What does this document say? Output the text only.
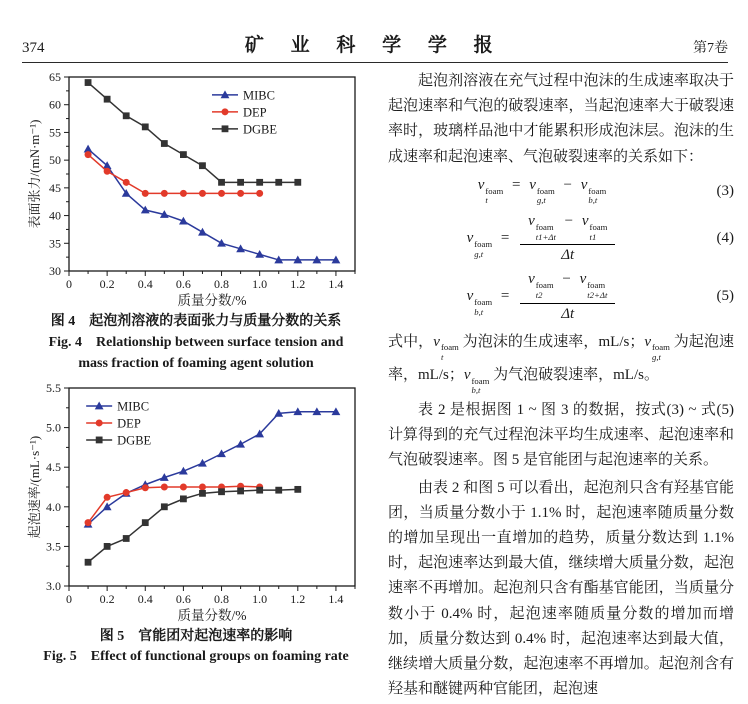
374	矿 业 科 学 学 报	第7卷
0 0.2 0.4 0.6 0.8 1.0 1.2 1.4
30
35
40
45
50
55
60
65
MIBC
DEP
DGBE
质量分数/%
表面张力/(mN·m⁻¹)
图 4　起泡剂溶液的表面张力与质量分数的关系
Fig. 4　Relationship between surface tension and
mass fraction of foaming agent solution
0 0.2 0.4 0.6 0.8 1.0 1.2 1.4
3.0
3.5
4.0
4.5
5.0
5.5
MIBC
DEP
DGBE
质量分数/%
起泡速率/(mL·s⁻¹)
图 5　官能团对起泡速率的影响
Fig. 5　Effect of functional groups on foaming rate

起泡剂溶液在充气过程中泡沫的生成速率取决于起泡速率和气泡的破裂速率，当起泡速率大于破裂速率时，玻璃样品池中才能累积形成泡沫层。泡沫的生成速率和起泡速率、气泡破裂速率的关系如下：

v foam
t
= v foam
g,t
− v foam
b,t
(3)
v foam
g,t
= v foam
t1+Δt
− v foam
t1
Δt	(4)
v foam
b,t
= v foam
t2
− v foam
t2+Δt
Δt	(5)

式中，v foam
t
为泡沫的生成速率，mL/s；v foam
g,t
为起泡速率，mL/s；v foam
b,t
为气泡破裂速率，mL/s。

表 2 是根据图 1 ~ 图 3 的数据，按式(3) ~ 式(5)计算得到的充气过程泡沫平均生成速率、起泡速率和气泡破裂速率。图 5 是官能团与起泡速率的关系。

由表 2 和图 5 可以看出，起泡剂只含有羟基官能团，当质量分数小于 1.1% 时，起泡速率随质量分数的增加呈现出一直增加的趋势，质量分数达到 1.1% 时，起泡速率达到最大值，继续增大质量分数，起泡速率不再增加。起泡剂只含有酯基官能团，当质量分数小于 0.4% 时，起泡速率随质量分数的增加而增加，质量分数达到 0.4% 时，起泡速率达到最大值，继续增大质量分数，起泡速率不再增加。起泡剂含有羟基和醚键两种官能团，起泡速
